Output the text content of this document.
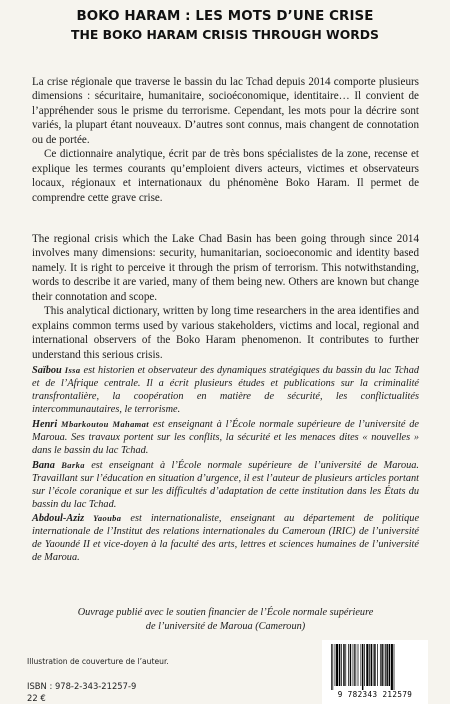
BOKO HARAM : LES MOTS D’UNE CRISE
THE BOKO HARAM CRISIS THROUGH WORDS

La crise régionale que traverse le bassin du lac Tchad depuis 2014 comporte plusieurs dimensions : sécuritaire, humanitaire, socioéconomique, identitaire… Il convient de l’appréhender sous le prisme du terrorisme. Cependant, les mots pour la décrire sont variés, la plupart étant nouveaux. D’autres sont connus, mais changent de connotation ou de portée.

Ce dictionnaire analytique, écrit par de très bons spécialistes de la zone, recense et explique les termes courants qu’emploient divers acteurs, victimes et observateurs locaux, régionaux et internationaux du phénomène Boko Haram. Il permet de comprendre cette grave crise.

The regional crisis which the Lake Chad Basin has been going through since 2014 involves many dimensions: security, humanitarian, socioeconomic and identity based namely. It is right to perceive it through the prism of terrorism. This notwithstanding, words to describe it are varied, many of them being new. Others are known but change their connotation and scope.

This analytical dictionary, written by long time researchers in the area identifies and explains common terms used by various stakeholders, victims and local, regional and international observers of the Boko Haram phenomenon. It contributes to further understand this serious crisis.

Saïbou Issa est historien et observateur des dynamiques stratégiques du bassin du lac Tchad et de l’Afrique centrale. Il a écrit plusieurs études et publications sur la criminalité transfrontalière, la coopération en matière de sécurité, les conflictualités intercommunautaires, le terrorisme.

Henri Mbarkoutou Mahamat est enseignant à l’École normale supérieure de l’université de Maroua. Ses travaux portent sur les conflits, la sécurité et les menaces dites « nouvelles » dans le bassin du lac Tchad.

Bana Barka est enseignant à l’École normale supérieure de l’université de Maroua. Travaillant sur l’éducation en situation d’urgence, il est l’auteur de plusieurs articles portant sur l’école coranique et sur les difficultés d’adaptation de cette institution dans les États du bassin du lac Tchad.

Abdoul-Aziz Yaouba est internationaliste, enseignant au département de politique internationale de l’Institut des relations internationales du Cameroun (IRIC) de l’université de Yaoundé II et vice-doyen à la faculté des arts, lettres et sciences humaines de l’université de Maroua.

Ouvrage publié avec le soutien financier de l’École normale supérieure
de l’université de Maroua (Cameroun)
Illustration de couverture de l’auteur.
ISBN : 978-2-343-21257-9
22 €	9 782343 212579
